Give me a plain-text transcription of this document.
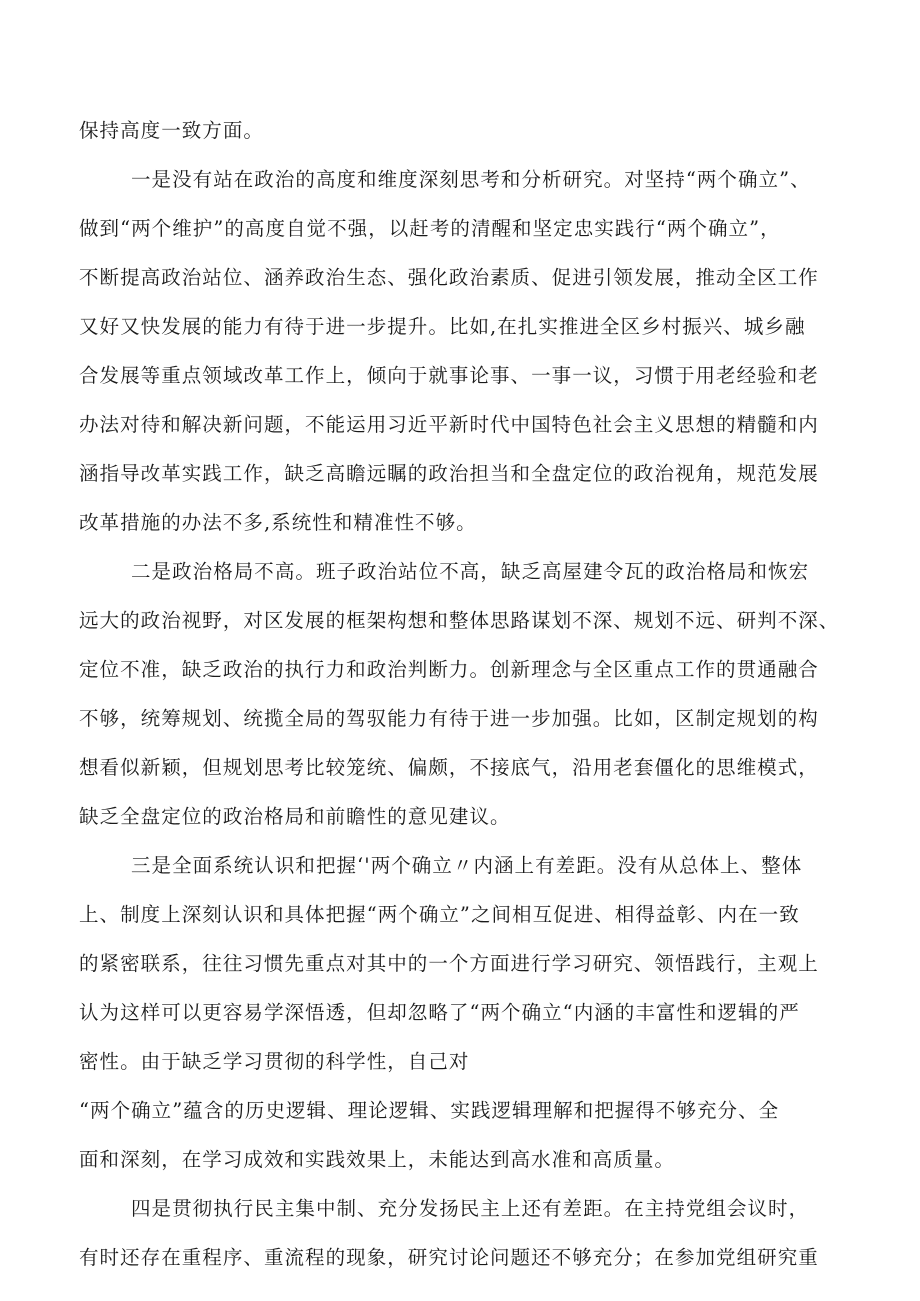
保持高度一致方面。
一是没有站在政治的高度和维度深刻思考和分析研究。对坚持“两个确立”、
做到“两个维护”的高度自觉不强，以赶考的清醒和坚定忠实践行“两个确立”，
不断提高政治站位、涵养政治生态、强化政治素质、促进引领发展，推动全区工作
又好又快发展的能力有待于进一步提升。比如,在扎实推进全区乡村振兴、城乡融
合发展等重点领域改革工作上，倾向于就事论事、一事一议，习惯于用老经验和老
办法对待和解决新问题，不能运用习近平新时代中国特色社会主义思想的精髓和内
涵指导改革实践工作，缺乏高瞻远瞩的政治担当和全盘定位的政治视角，规范发展
改革措施的办法不多,系统性和精准性不够。
二是政治格局不高。班子政治站位不高，缺乏高屋建令瓦的政治格局和恢宏
远大的政治视野，对区发展的框架构想和整体思路谋划不深、规划不远、研判不深、
定位不准，缺乏政治的执行力和政治判断力。创新理念与全区重点工作的贯通融合
不够，统筹规划、统揽全局的驾驭能力有待于进一步加强。比如，区制定规划的构
想看似新颖，但规划思考比较笼统、偏颇，不接底气，沿用老套僵化的思维模式，
缺乏全盘定位的政治格局和前瞻性的意见建议。
三是全面系统认识和把握‘'两个确立〃内涵上有差距。没有从总体上、整体
上、制度上深刻认识和具体把握“两个确立”之间相互促进、相得益彰、内在一致
的紧密联系，往往习惯先重点对其中的一个方面进行学习研究、领悟践行，主观上
认为这样可以更容易学深悟透，但却忽略了“两个确立“内涵的丰富性和逻辑的严
密性。由于缺乏学习贯彻的科学性，自己对
“两个确立”蕴含的历史逻辑、理论逻辑、实践逻辑理解和把握得不够充分、全
面和深刻，在学习成效和实践效果上，未能达到高水准和高质量。
四是贯彻执行民主集中制、充分发扬民主上还有差距。在主持党组会议时，
有时还存在重程序、重流程的现象，研究讨论问题还不够充分；在参加党组研究重
